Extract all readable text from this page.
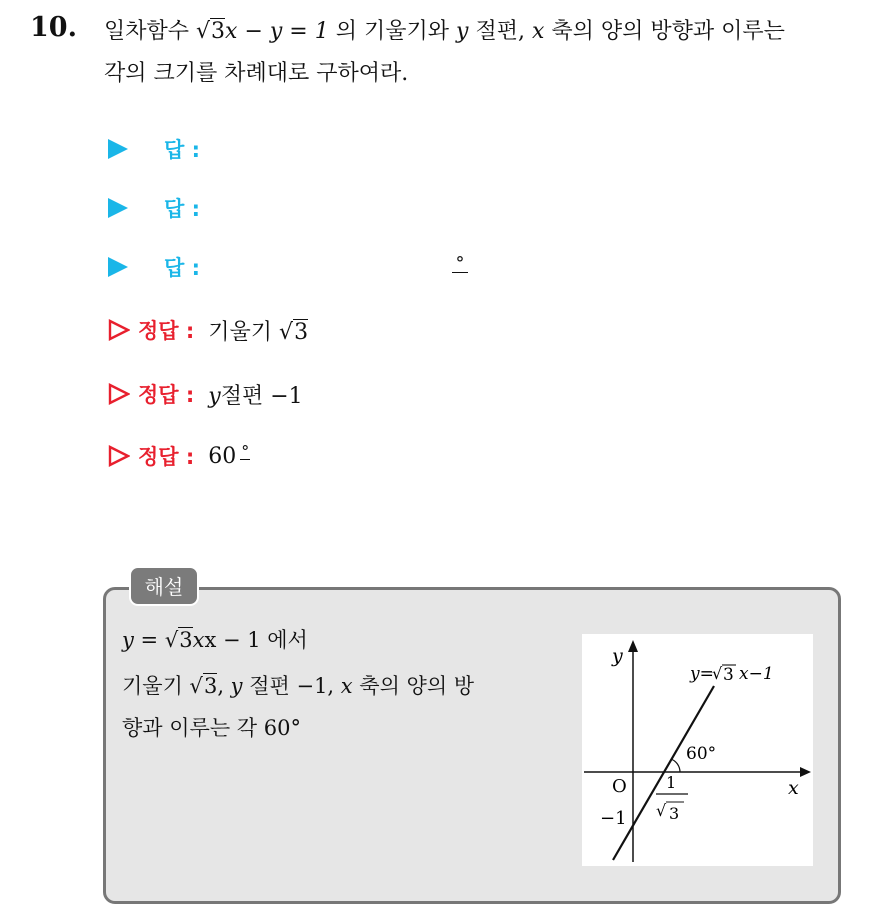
10. 일차함수 √3x − y = 1 의 기울기와 y 절편, x 축의 양의 방향과 이루는
각의 크기를 차례대로 구하여라.
답 :
답 :
답 :	°
정답 : 기울기 √3
정답 : y절편 −1
정답 : 60 °
해설
y = √3xx − 1 에서
기울기 √3, y 절편 −1, x 축의 양의 방
향과 이루는 각 60°
y
x
O
−1
60°
1
√ 3
y=
√ 3 x−1
